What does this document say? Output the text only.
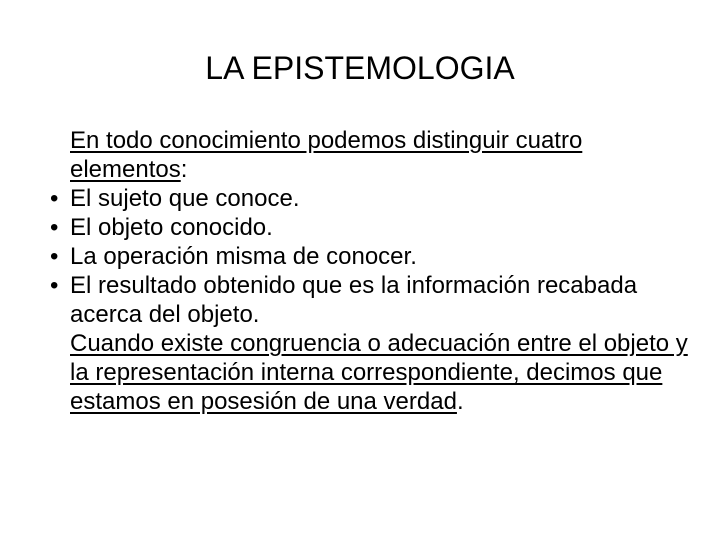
LA EPISTEMOLOGIA

En todo conocimiento podemos distinguir cuatro elementos:

• El sujeto que conoce.
• El objeto conocido.
• La operación misma de conocer.
• El resultado obtenido que es la información recabada acerca del objeto.

Cuando existe congruencia o adecuación entre el objeto y la representación interna correspondiente, decimos que estamos en posesión de una verdad.
